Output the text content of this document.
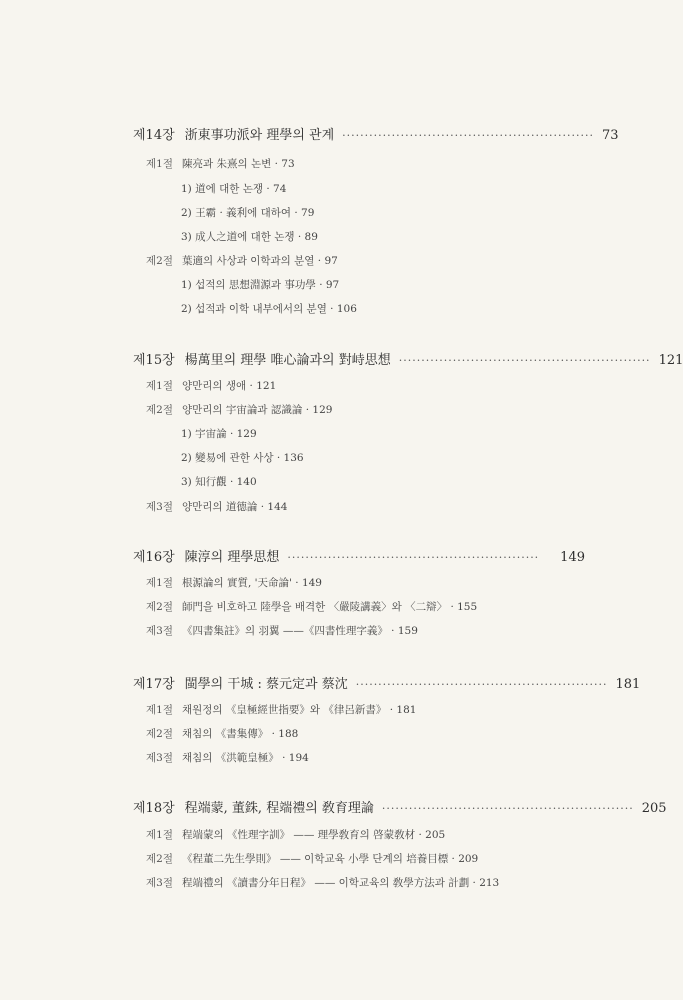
제14장 浙東事功派와 理學의 관계 ························································ 73
제1절 陳亮과 朱熹의 논변 · 73
1) 道에 대한 논쟁 · 74
2) 王霸 · 義利에 대하여 · 79
3) 成人之道에 대한 논쟁 · 89
제2절 葉適의 사상과 이학과의 분열 · 97
1) 섭적의 思想淵源과 事功學 · 97
2) 섭적과 이학 내부에서의 분열 · 106
제15장 楊萬里의 理學 唯心論과의 對峙思想 ························································ 121
제1절 양만리의 생애 · 121
제2절 양만리의 宇宙論과 認識論 · 129
1) 宇宙論 · 129
2) 變易에 관한 사상 · 136
3) 知行觀 · 140
제3절 양만리의 道德論 · 144
제16장 陳淳의 理學思想 ························································	149
제1절 根源論의 實質, '天命論' · 149
제2절 師門을 비호하고 陸學을 배격한 〈嚴陵講義〉와 〈二辯〉 · 155
제3절 《四書集註》의 羽翼 ——《四書性理字義》 · 159
제17장 閩學의 干城 : 蔡元定과 蔡沈 ························································ 181
제1절 채원정의 《皇極經世指要》와 《律呂新書》 · 181
제2절 채침의 《書集傳》 · 188
제3절 채침의 《洪範皇極》 · 194
제18장 程端蒙, 董銖, 程端禮의 敎育理論 ························································ 205
제1절 程端蒙의 《性理字訓》 —— 理學敎育의 啓蒙敎材 · 205
제2절 《程董二先生學則》 —— 이학교육 小學 단계의 培養目標 · 209
제3절 程端禮의 《讀書分年日程》 —— 이학교육의 敎學方法과 計劃 · 213
